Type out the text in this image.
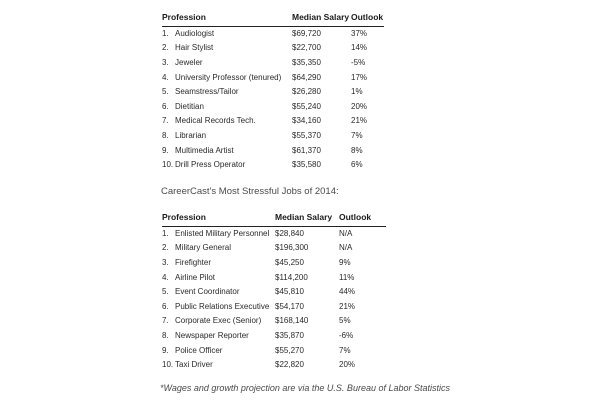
Profession	Median Salary	Outlook
1. Audiologist	$69,720	37%
2. Hair Stylist	$22,700	14%
3. Jeweler	$35,350	-5%
4. University Professor (tenured)	$64,290	17%
5. Seamstress/Tailor	$26,280	1%
6. Dietitian	$55,240	20%
7. Medical Records Tech.	$34,160	21%
8. Librarian	$55,370	7%
9. Multimedia Artist	$61,370	8%
10. Drill Press Operator	$35,580	6%

CareerCast's Most Stressful Jobs of 2014:

Profession	Median Salary	Outlook
1. Enlisted Military Personnel	$28,840	N/A
2. Military General	$196,300	N/A
3. Firefighter	$45,250	9%
4. Airline Pilot	$114,200	11%
5. Event Coordinator	$45,810	44%
6. Public Relations Executive	$54,170	21%
7. Corporate Exec (Senior)	$168,140	5%
8. Newspaper Reporter	$35,870	-6%
9. Police Officer	$55,270	7%
10. Taxi Driver	$22,820	20%

*Wages and growth projection are via the U.S. Bureau of Labor Statistics
